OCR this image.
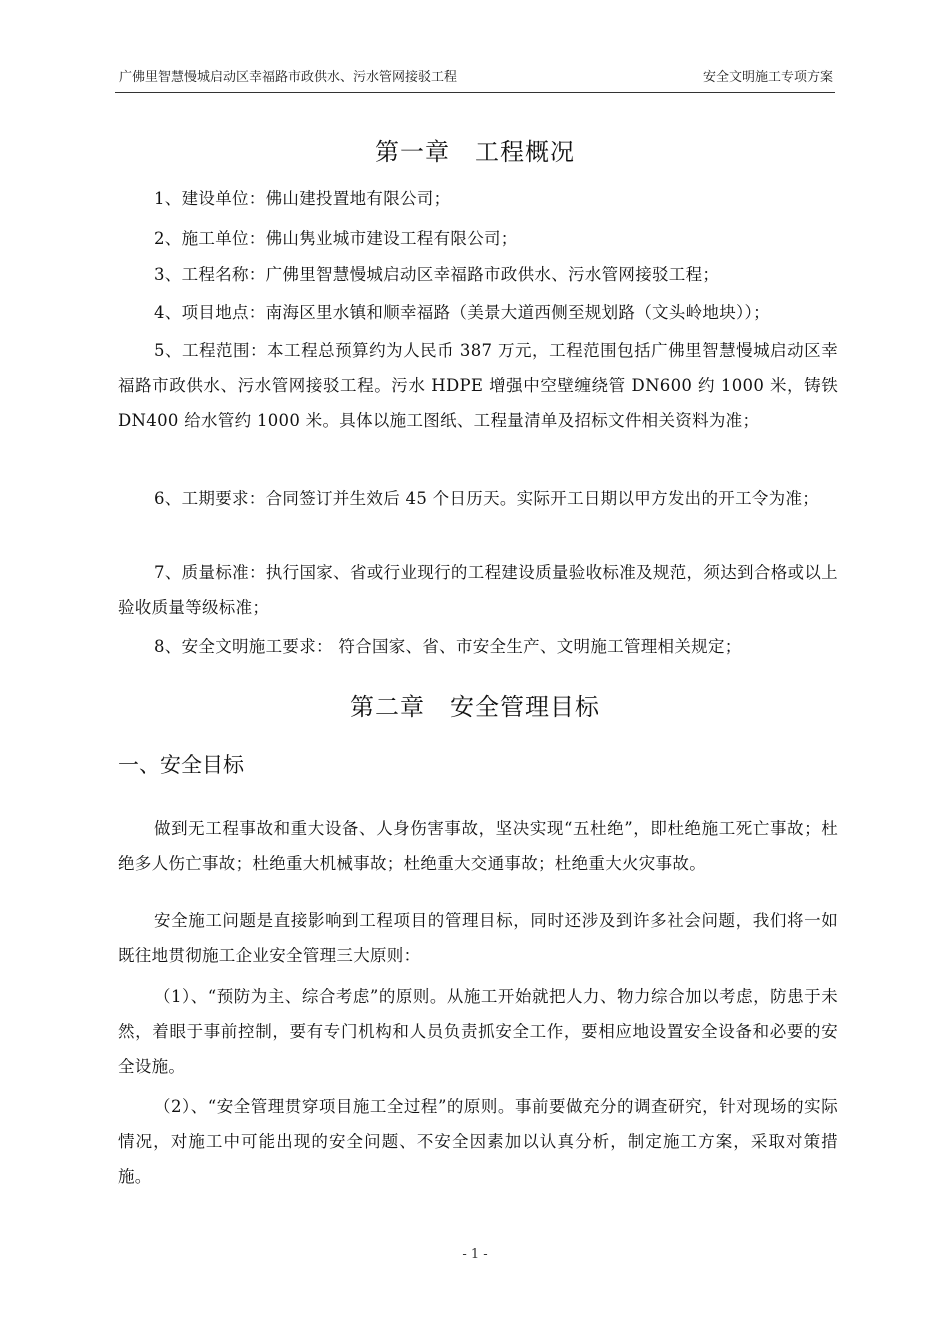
广佛里智慧慢城启动区幸福路市政供水、污水管网接驳工程	安全文明施工专项方案
第一章　工程概况
1、建设单位：佛山建投置地有限公司；
2、施工单位：佛山隽业城市建设工程有限公司；
3、工程名称：广佛里智慧慢城启动区幸福路市政供水、污水管网接驳工程；
4、项目地点：南海区里水镇和顺幸福路（美景大道西侧至规划路（文头岭地块））；
5、工程范围：本工程总预算约为人民币 387 万元，工程范围包括广佛里智慧慢城启动区幸福路市政供水、污水管网接驳工程。污水 HDPE 增强中空壁缠绕管 DN600 约 1000 米，铸铁 DN400 给水管约 1000 米。具体以施工图纸、工程量清单及招标文件相关资料为准；
6、工期要求：合同签订并生效后 45 个日历天。实际开工日期以甲方发出的开工令为准；
7、质量标准：执行国家、省或行业现行的工程建设质量验收标准及规范，须达到合格或以上验收质量等级标准；
8、安全文明施工要求： 符合国家、省、市安全生产、文明施工管理相关规定；
第二章　安全管理目标
一、安全目标
做到无工程事故和重大设备、人身伤害事故，坚决实现“五杜绝”，即杜绝施工死亡事故；杜绝多人伤亡事故；杜绝重大机械事故；杜绝重大交通事故；杜绝重大火灾事故。
安全施工问题是直接影响到工程项目的管理目标，同时还涉及到许多社会问题，我们将一如既往地贯彻施工企业安全管理三大原则：
（1）、“预防为主、综合考虑”的原则。从施工开始就把人力、物力综合加以考虑，防患于未然，着眼于事前控制，要有专门机构和人员负责抓安全工作，要相应地设置安全设备和必要的安全设施。
（2）、“安全管理贯穿项目施工全过程”的原则。事前要做充分的调查研究，针对现场的实际情况，对施工中可能出现的安全问题、不安全因素加以认真分析，制定施工方案，采取对策措施。
- 1 -
